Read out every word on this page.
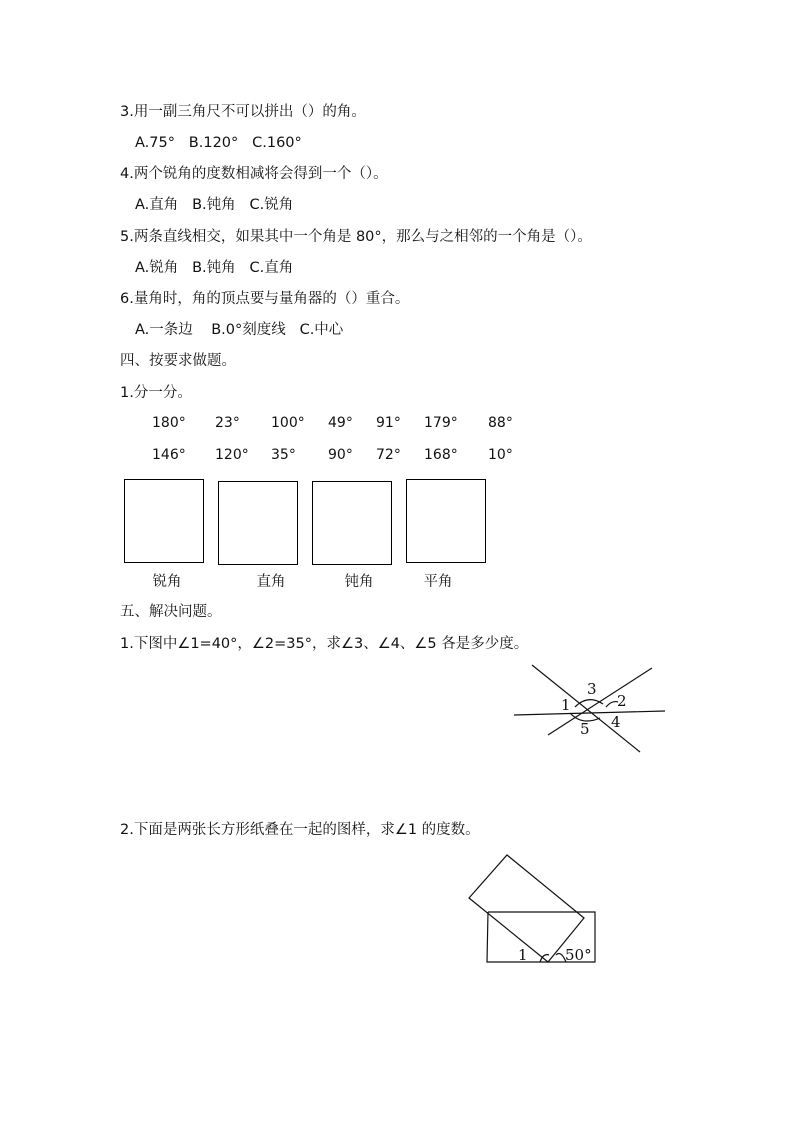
3.用一副三角尺不可以拼出（）的角。
A.75°   B.120°   C.160°
4.两个锐角的度数相减将会得到一个（）。
A.直角   B.钝角   C.锐角
5.两条直线相交，如果其中一个角是 80°，那么与之相邻的一个角是（）。
A.锐角   B.钝角   C.直角
6.量角时，角的顶点要与量角器的（）重合。
A.一条边    B.0°刻度线   C.中心
四、按要求做题。
1.分一分。
180° 23° 100° 49° 91° 179° 88°
146° 120° 35° 90° 72° 168° 10°
锐角	直角	钝角	平角
五、解决问题。
1.下图中∠1=40°，∠2=35°，求∠3、∠4、∠5 各是多少度。
1	2
3
4
5
1 50°
2.下面是两张长方形纸叠在一起的图样，求∠1 的度数。
